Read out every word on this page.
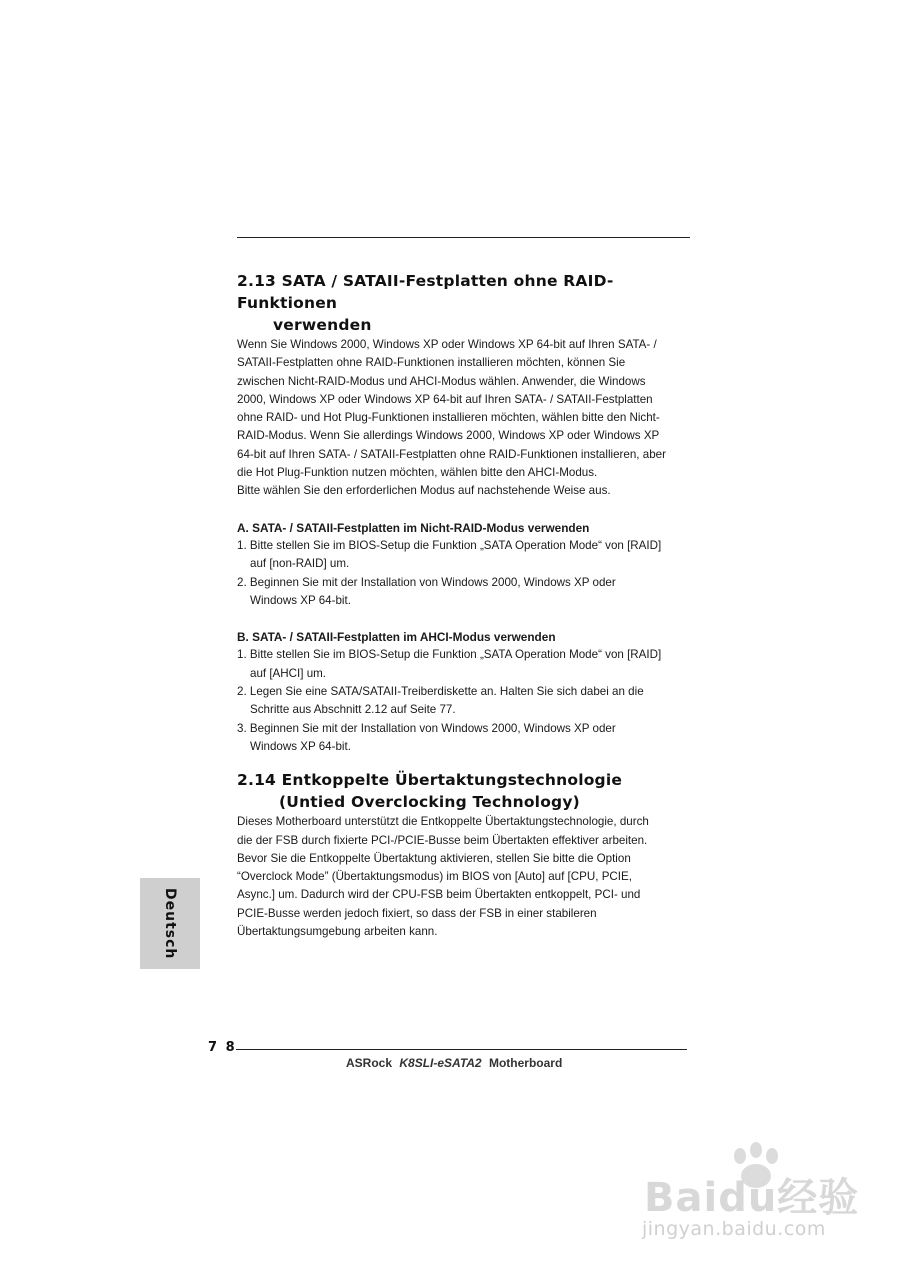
2.13 SATA / SATAII-Festplatten ohne RAID-Funktionen
verwenden

Wenn Sie Windows 2000, Windows XP oder Windows XP 64-bit auf Ihren SATA- /
SATAII-Festplatten ohne RAID-Funktionen installieren möchten, können Sie
zwischen Nicht-RAID-Modus und AHCI-Modus wählen. Anwender, die Windows
2000, Windows XP oder Windows XP 64-bit auf Ihren SATA- / SATAII-Festplatten
ohne RAID- und Hot Plug-Funktionen installieren möchten, wählen bitte den Nicht-
RAID-Modus. Wenn Sie allerdings Windows 2000, Windows XP oder Windows XP
64-bit auf Ihren SATA- / SATAII-Festplatten ohne RAID-Funktionen installieren, aber
die Hot Plug-Funktion nutzen möchten, wählen bitte den AHCI-Modus.
Bitte wählen Sie den erforderlichen Modus auf nachstehende Weise aus.

A. SATA- / SATAII-Festplatten im Nicht-RAID-Modus verwenden

1. Bitte stellen Sie im BIOS-Setup die Funktion „SATA Operation Mode“ von [RAID]
auf [non-RAID] um.
2. Beginnen Sie mit der Installation von Windows 2000, Windows XP oder
Windows XP 64-bit.

B. SATA- / SATAII-Festplatten im AHCI-Modus verwenden

1. Bitte stellen Sie im BIOS-Setup die Funktion „SATA Operation Mode“ von [RAID]
auf [AHCI] um.
2. Legen Sie eine SATA/SATAII-Treiberdiskette an. Halten Sie sich dabei an die
Schritte aus Abschnitt 2.12 auf Seite 77.
3. Beginnen Sie mit der Installation von Windows 2000, Windows XP oder
Windows XP 64-bit.
2.14 Entkoppelte Übertaktungstechnologie
(Untied Overclocking Technology)

Dieses Motherboard unterstützt die Entkoppelte Übertaktungstechnologie, durch
die der FSB durch fixierte PCI-/PCIE-Busse beim Übertakten effektiver arbeiten.
Bevor Sie die Entkoppelte Übertaktung aktivieren, stellen Sie bitte die Option
“Overclock Mode” (Übertaktungsmodus) im BIOS von [Auto] auf [CPU, PCIE,
Async.] um. Dadurch wird der CPU-FSB beim Übertakten entkoppelt, PCI- und
PCIE-Busse werden jedoch fixiert, so dass der FSB in einer stabileren
Übertaktungsumgebung arbeiten kann.

Deutsch
7 8
ASRock K8SLI-eSATA2 Motherboard
Baidu经验
jingyan.baidu.com
